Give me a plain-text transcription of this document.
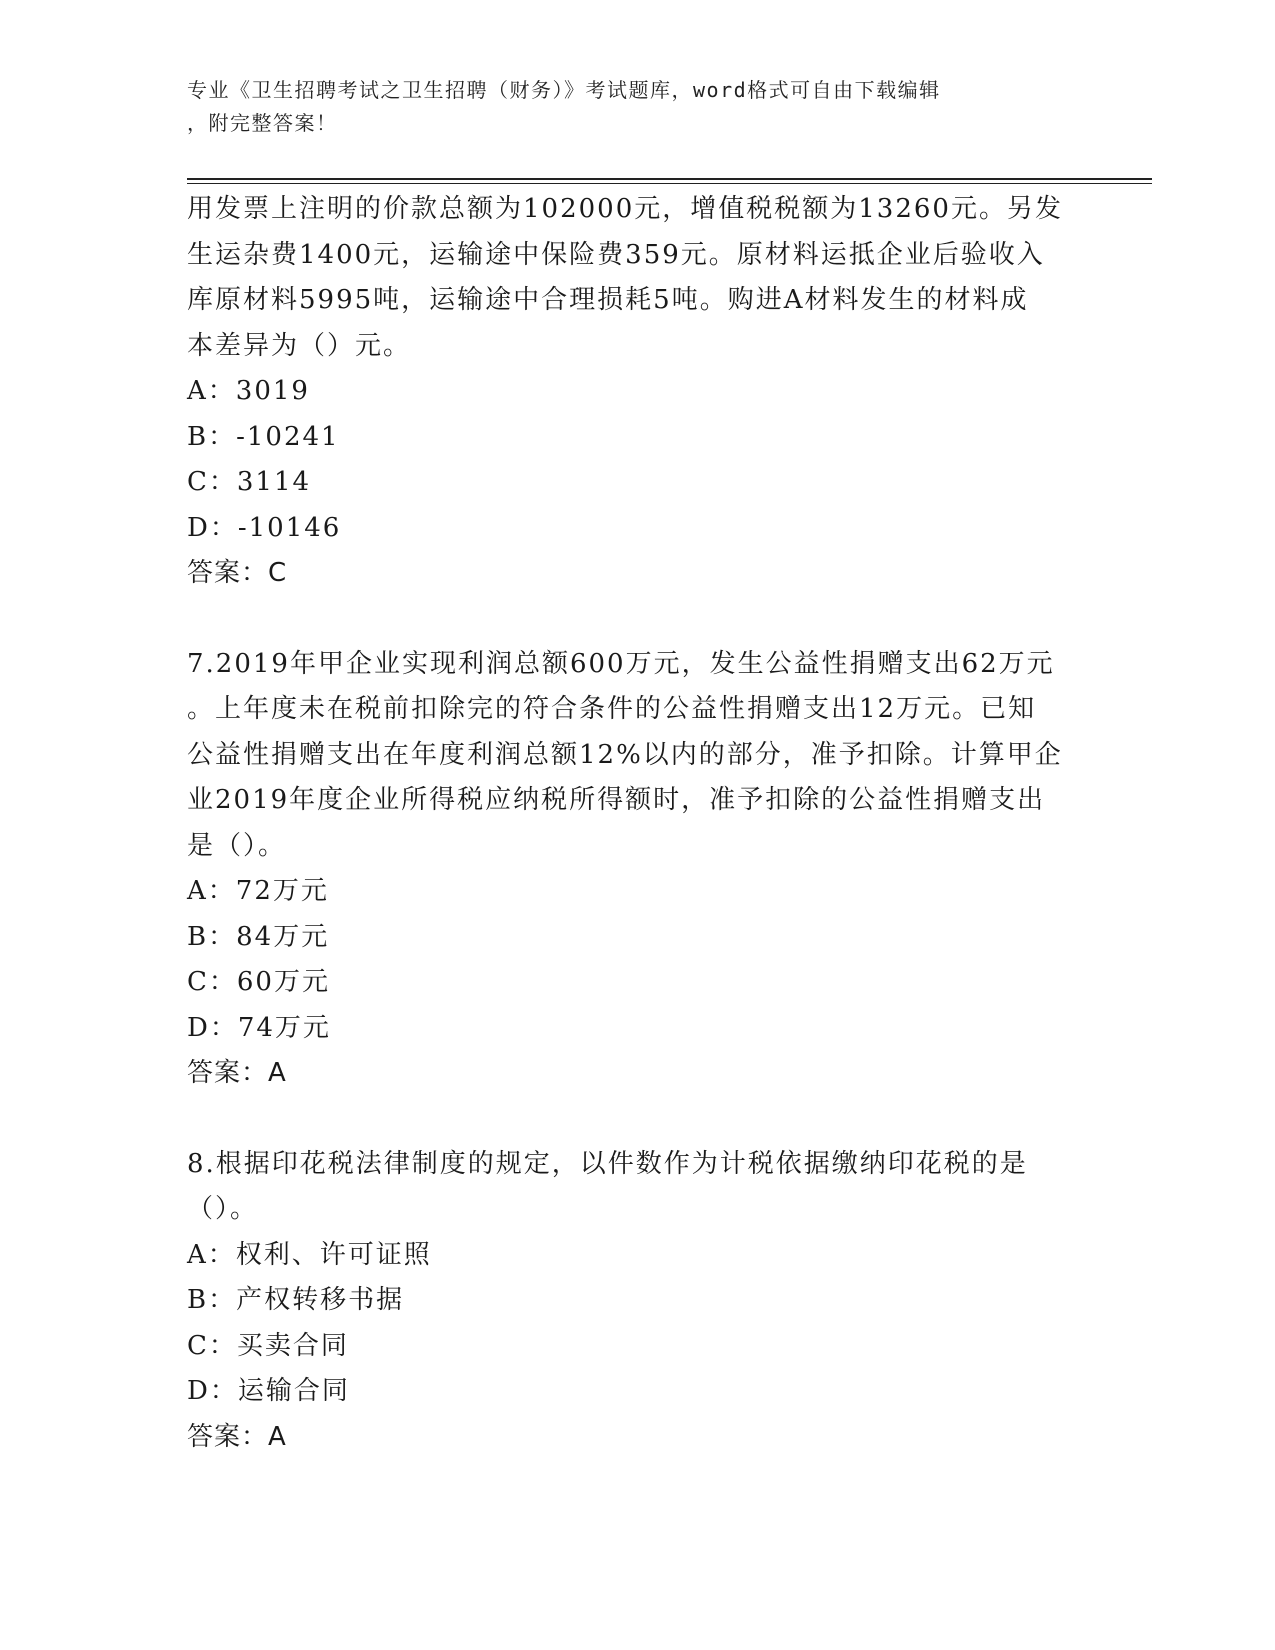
专业《卫生招聘考试之卫生招聘（财务）》考试题库，word格式可自由下载编辑
，附完整答案！

用发票上注明的价款总额为102000元，增值税税额为13260元。另发

生运杂费1400元，运输途中保险费359元。原材料运抵企业后验收入

库原材料5995吨，运输途中合理损耗5吨。购进A材料发生的材料成

本差异为（）元。

A：3019

B：-10241

C：3114

D：-10146

答案：C

7.2019年甲企业实现利润总额600万元，发生公益性捐赠支出62万元

。上年度未在税前扣除完的符合条件的公益性捐赠支出12万元。已知

公益性捐赠支出在年度利润总额12%以内的部分，准予扣除。计算甲企

业2019年度企业所得税应纳税所得额时，准予扣除的公益性捐赠支出

是（）。

A：72万元

B：84万元

C：60万元

D：74万元

答案：A

8.根据印花税法律制度的规定，以件数作为计税依据缴纳印花税的是

（）。

A：权利、许可证照

B：产权转移书据

C：买卖合同

D：运输合同

答案：A
